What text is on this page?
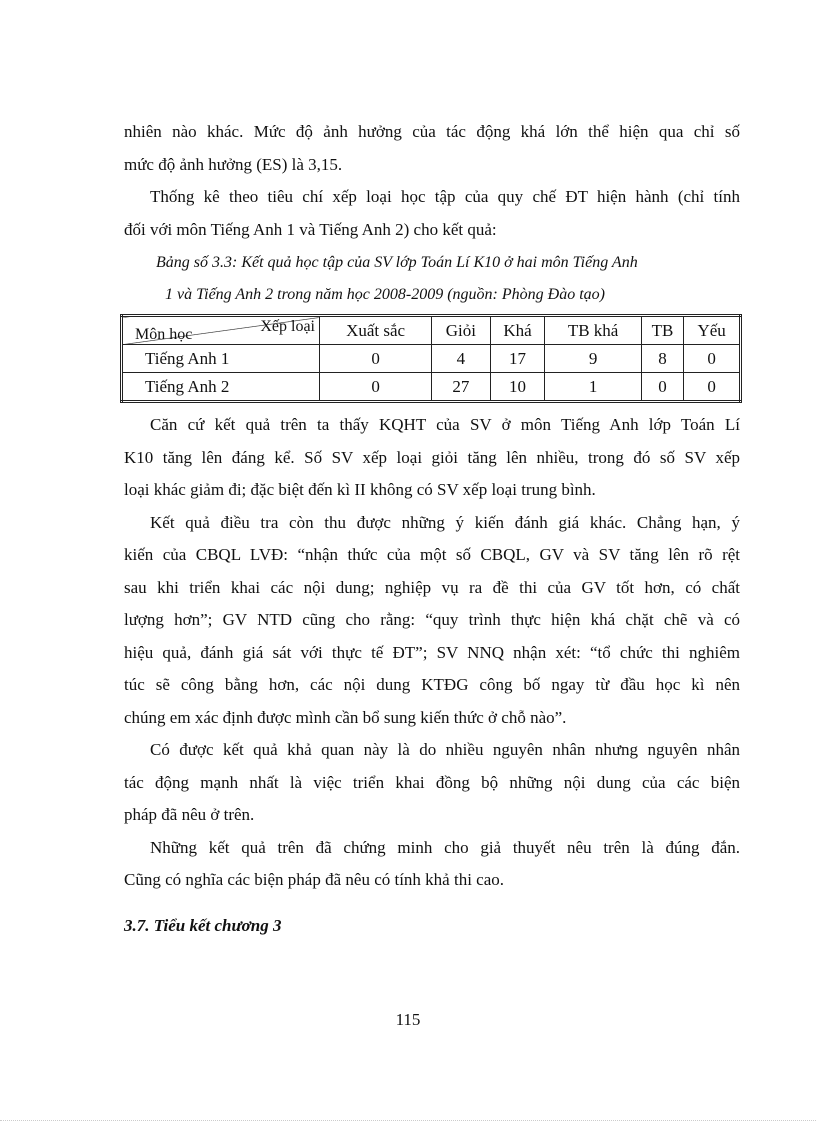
nhiên nào khác. Mức độ ảnh hưởng của tác động khá lớn thể hiện qua chỉ số
mức độ ảnh hưởng (ES) là 3,15.
Thống kê theo tiêu chí xếp loại học tập của quy chế ĐT hiện hành (chỉ tính
đối với môn Tiếng Anh 1 và Tiếng Anh 2) cho kết quả:
Bảng số 3.3: Kết quả học tập của SV lớp Toán Lí K10 ở hai môn Tiếng Anh
1 và Tiếng Anh 2 trong năm học 2008-2009 (nguồn: Phòng Đào tạo)
Xếp loại
Môn học	Xuất sắc	Giỏi	Khá	TB khá	TB	Yếu
Tiếng Anh 1	0	4	17	9	8	0
Tiếng Anh 2	0	27	10	1	0	0
Căn cứ kết quả trên ta thấy KQHT của SV ở môn Tiếng Anh lớp Toán Lí
K10 tăng lên đáng kể. Số SV xếp loại giỏi tăng lên nhiều, trong đó số SV xếp
loại khác giảm đi; đặc biệt đến kì II không có SV xếp loại trung bình.
Kết quả điều tra còn thu được những ý kiến đánh giá khác. Chẳng hạn, ý
kiến của CBQL LVĐ: “nhận thức của một số CBQL, GV và SV tăng lên rõ rệt
sau khi triển khai các nội dung; nghiệp vụ ra đề thi của GV tốt hơn, có chất
lượng hơn”; GV NTD cũng cho rằng: “quy trình thực hiện khá chặt chẽ và có
hiệu quả, đánh giá sát với thực tế ĐT”; SV NNQ nhận xét: “tổ chức thi nghiêm
túc sẽ công bằng hơn, các nội dung KTĐG công bố ngay từ đầu học kì nên
chúng em xác định được mình cần bổ sung kiến thức ở chỗ nào”.
Có được kết quả khả quan này là do nhiều nguyên nhân nhưng nguyên nhân
tác động mạnh nhất là việc triển khai đồng bộ những nội dung của các biện
pháp đã nêu ở trên.
Những kết quả trên đã chứng minh cho giả thuyết nêu trên là đúng đắn.
Cũng có nghĩa các biện pháp đã nêu có tính khả thi cao.
3.7. Tiểu kết chương 3
115
